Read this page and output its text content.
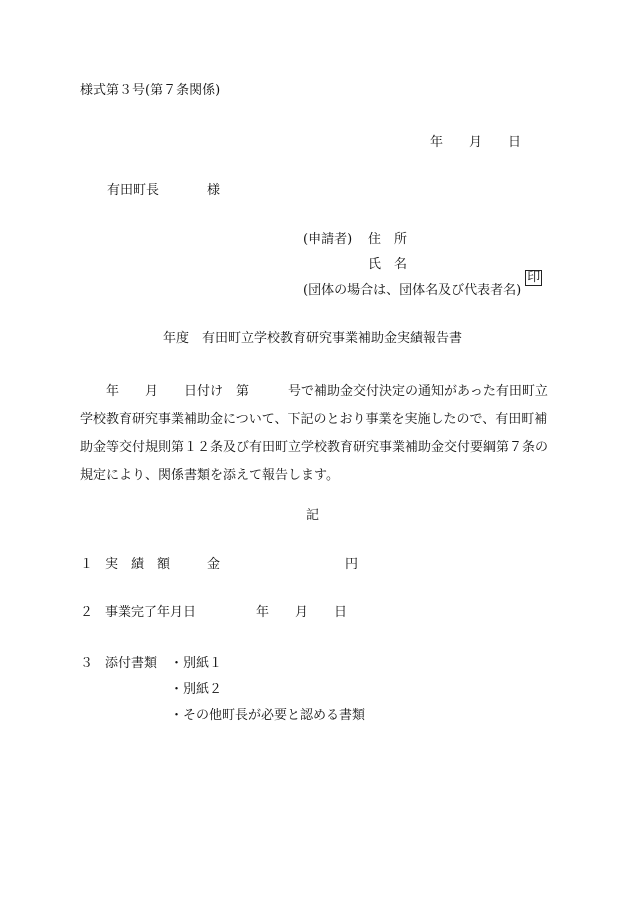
様式第３号(第７条関係)
年　　月　　日
有田町長	様
(申請者) 住　所
氏　名

印

(団体の場合は、団体名及び代表者名)
年度　有田町立学校教育研究事業補助金実績報告書
　　年　　月　　日付け　第　　　号で補助金交付決定の通知があった有田町立学校教育研究事業補助金について、下記のとおり事業を実施したので、有田町補助金等交付規則第１２条及び有田町立学校教育研究事業補助金交付要綱第７条の規定により、関係書類を添えて報告します。
記
１ 実　績　額	金	円
２ 事業完了年月日	年　　月　　日
３ 添付書類 ・別紙１
・別紙２
・その他町長が必要と認める書類
